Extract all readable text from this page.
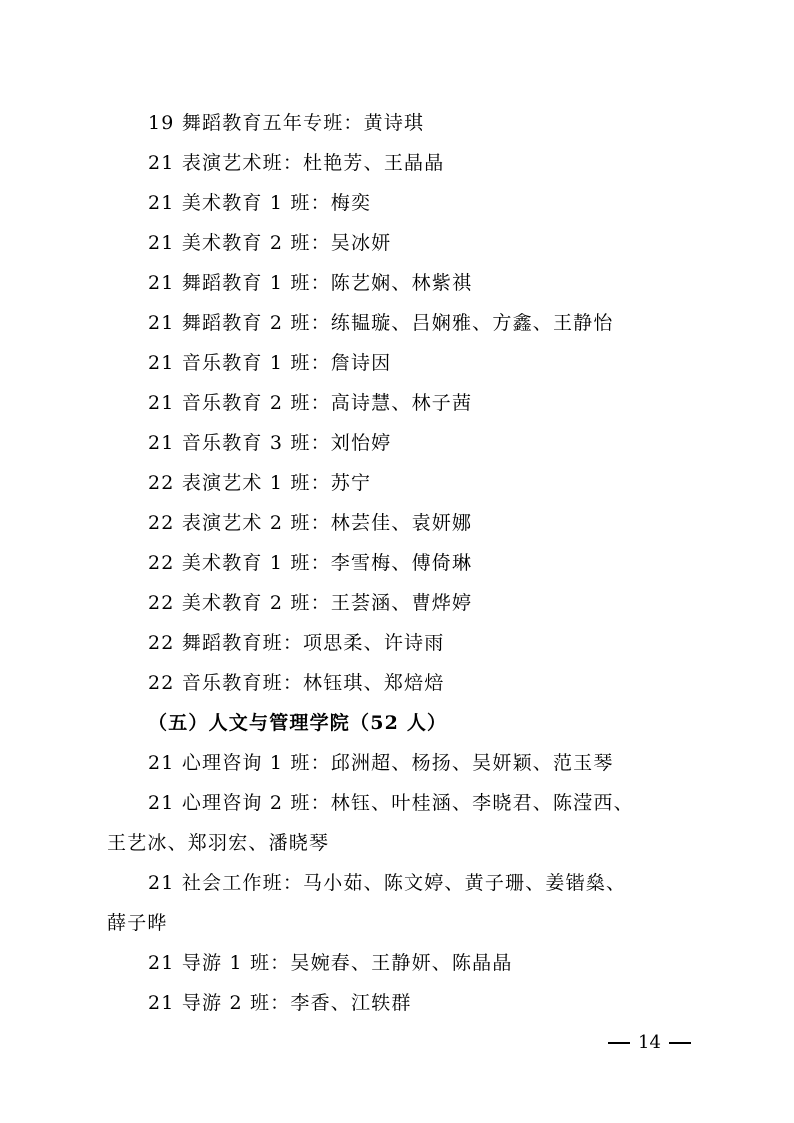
19 舞蹈教育五年专班：黄诗琪
21 表演艺术班：杜艳芳、王晶晶
21 美术教育 1 班：梅奕
21 美术教育 2 班：吴冰妍
21 舞蹈教育 1 班：陈艺娴、林紫祺
21 舞蹈教育 2 班：练韫璇、吕娴雅、方鑫、王静怡
21 音乐教育 1 班：詹诗因
21 音乐教育 2 班：高诗慧、林子茜
21 音乐教育 3 班：刘怡婷
22 表演艺术 1 班：苏宁
22 表演艺术 2 班：林芸佳、袁妍娜
22 美术教育 1 班：李雪梅、傅倚琳
22 美术教育 2 班：王荟涵、曹烨婷
22 舞蹈教育班：项思柔、许诗雨
22 音乐教育班：林钰琪、郑焙焙
（五）人文与管理学院（52 人）
21 心理咨询 1 班：邱洲超、杨扬、吴妍颖、范玉琴
21 心理咨询 2 班：林钰、叶桂涵、李晓君、陈滢西、
王艺冰、郑羽宏、潘晓琴
21 社会工作班：马小茹、陈文婷、黄子珊、姜锴燊、
薛子晔
21 导游 1 班：吴婉春、王静妍、陈晶晶
21 导游 2 班：李香、江轶群
14
